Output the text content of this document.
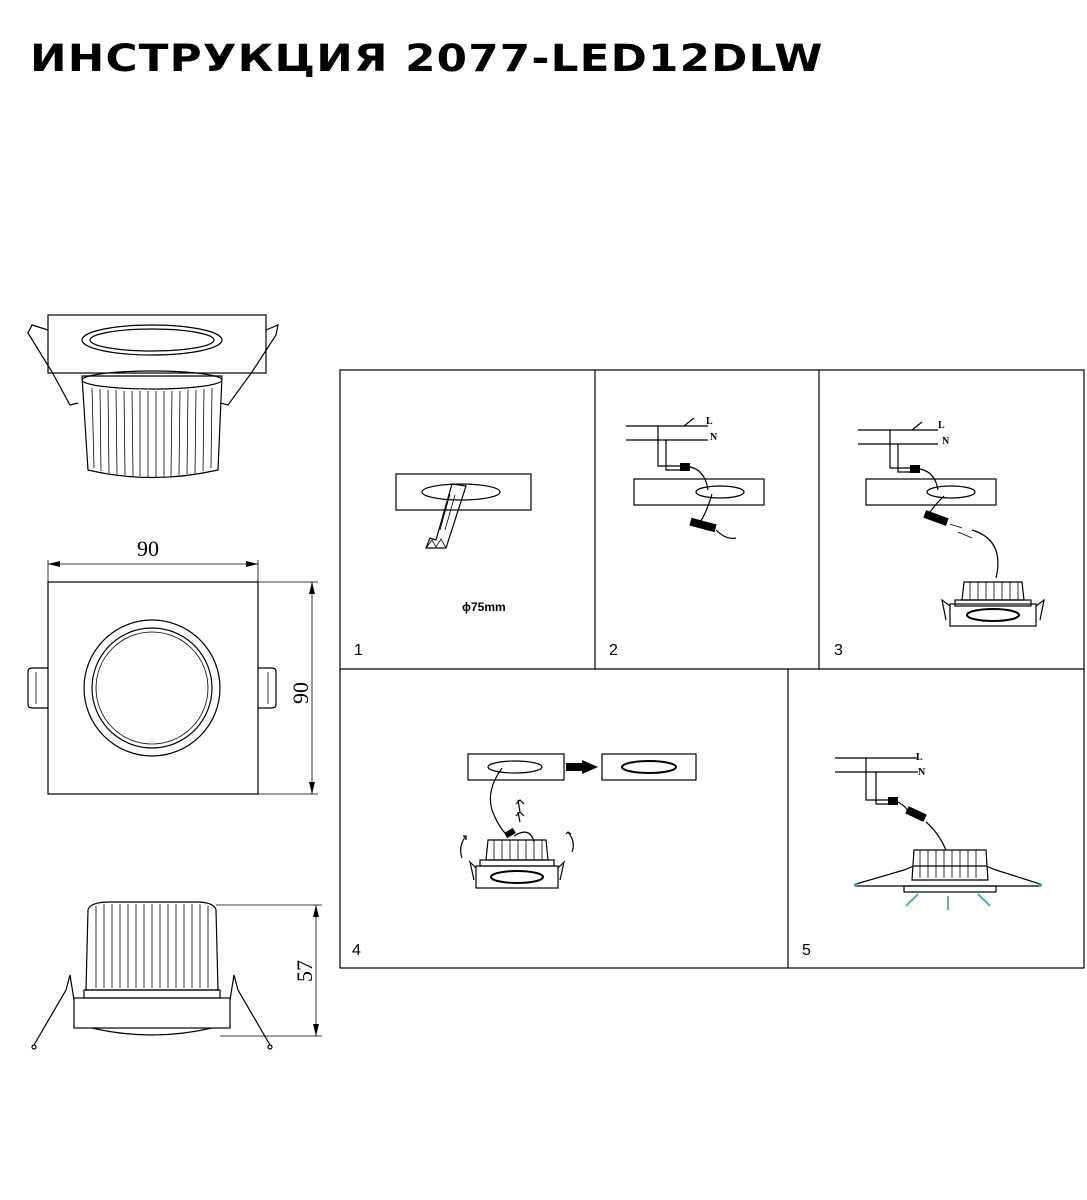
ИНСТРУКЦИЯ 2077-LED12DLW
90
90
57
1	2	3
4	5
ϕ75mm
L
N
L
N
L
N
